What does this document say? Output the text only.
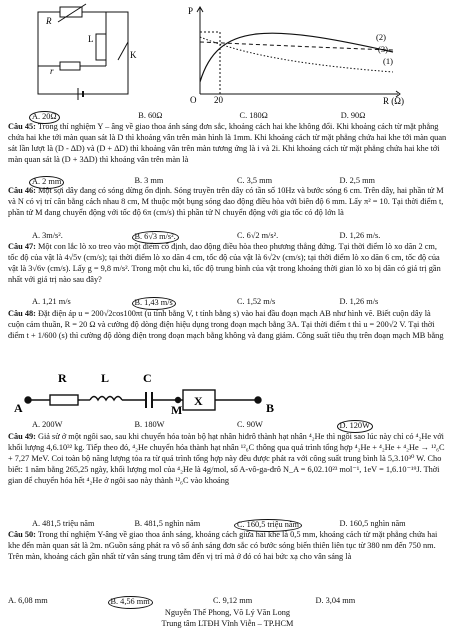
R
L
K
r
P
O 20	R (Ω)
(2)
(3)
(1)
A. 20Ω	B. 60Ω	C. 180Ω	D. 90Ω

Câu 45: Trong thí nghiệm Y – âng về giao thoa ánh sáng đơn sắc, khoảng cách hai khe không đổi. Khi khoảng cách từ mặt phẳng chứa hai khe tới màn quan sát là D thì khoảng vân trên màn hình là 1mm. Khi khoảng cách từ mặt phẳng chứa hai khe tới màn quan sát lần lượt là (D - ∆D) và (D + ∆D) thì khoảng vân trên màn tương ứng là i và 2i. Khi khoảng cách từ mặt phẳng chứa hai khe tới màn quan sát là (D + 3∆D) thì khoảng vân trên màn là

A. 2 mm	B. 3 mm	C. 3,5 mm	D. 2,5 mm

Câu 46: Một sợi dây đang có sóng dừng ổn định. Sóng truyền trên dây có tần số 10Hz và bước sóng 6 cm. Trên dây, hai phần tử M và N có vị trí cân bằng cách nhau 8 cm, M thuộc một bụng sóng dao động điều hòa với biên độ 6 mm. Lấy π² = 10. Tại thời điểm t, phần tử M đang chuyển động với tốc độ 6π (cm/s) thì phần tử N chuyển động với gia tốc có độ lớn là

A. 3m/s².	B. 6√3 m/s².	C. 6√2 m/s².	D. 1,26 m/s.

Câu 47: Một con lắc lò xo treo vào một điểm cố định, dao động điều hòa theo phương thẳng đứng. Tại thời điểm lò xo dãn 2 cm, tốc độ của vật là 4√5v (cm/s); tại thời điểm lò xo dãn 4 cm, tốc độ của vật là 6√2v (cm/s); tại thời điểm lò xo dãn 6 cm, tốc độ của vật là 3√6v (cm/s). Lấy g = 9,8 m/s². Trong một chu kì, tốc độ trung bình của vật trong khoảng thời gian lò xo bị dãn có giá trị gần nhất với giá trị nào sau đây?

A. 1,21 m/s	B. 1,43 m/s	C. 1,52 m/s	D. 1,26 m/s

Câu 48: Đặt điện áp u = 200√2cos100πt (u tính bằng V, t tính bằng s) vào hai đầu đoạn mạch AB như hình vẽ. Biết cuộn dây là cuộn cảm thuần, R = 20 Ω và cường độ dòng điện hiệu dụng trong đoạn mạch bằng 3A. Tại thời điểm t thì u = 200√2 V. Tại thời điểm t + 1/600 (s) thì cường độ dòng điện trong đoạn mạch bằng không và đang giảm. Công suất tiêu thụ trên đoạn mạch MB bằng

A
R	L	C
M
X	B
A. 200W	B. 180W	C. 90W	D. 120W

Câu 49: Giả sử ở một ngôi sao, sau khi chuyển hóa toàn bộ hạt nhân hiđrô thành hạt nhân ⁴₂He thì ngôi sao lúc này chỉ có ⁴₂He với khối lượng 4,6.10³² kg. Tiếp theo đó, ⁴₂He chuyển hóa thành hạt nhân ¹²₆C thông qua quá trình tổng hợp ⁴₂He + ⁴₂He + ⁴₂He → ¹²₆C + 7,27 MeV. Coi toàn bộ năng lượng tỏa ra từ quá trình tổng hợp này đều được phát ra với công suất trung bình là 5,3.10³⁰ W. Cho biết: 1 năm bằng 265,25 ngày, khối lượng mol của ⁴₂He là 4g/mol, số A-vô-ga-đrô N_A = 6,02.10²³ mol⁻¹, 1eV = 1,6.10⁻¹⁹J. Thời gian để chuyển hóa hết ⁴₂He ở ngôi sao này thành ¹²₆C vào khoảng

A. 481,5 triệu năm	B. 481,5 nghìn năm	C. 160,5 triệu năm	D. 160,5 nghìn năm

Câu 50: Trong thí nghiệm Y-âng về giao thoa ánh sáng, khoảng cách giữa hai khe là 0,5 mm, khoảng cách từ mặt phẳng chứa hai khe đến màn quan sát là 2m. nGuồn sáng phát ra vô số ánh sáng đơn sắc có bước sóng biến thiên liên tục từ 380 nm đến 750 nm. Trên màn, khoảng cách gần nhất từ vân sáng trung tâm đến vị trí mà ở đó có hai bức xạ cho vân sáng là

A. 6,08 mm	B. 4,56 mm	C. 9,12 mm	D. 3,04 mm
Nguyễn Thế Phong, Võ Lý Văn Long
Trung tâm LTĐH Vĩnh Viễn – TP.HCM
